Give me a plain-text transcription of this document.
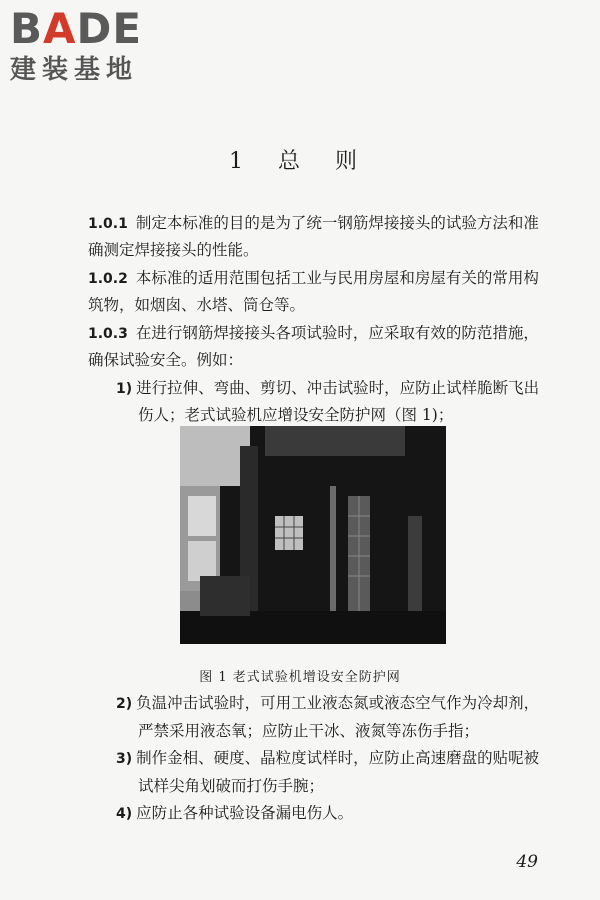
BADE
建装基地
1 总 则

1.0.1 制定本标准的目的是为了统一钢筋焊接接头的试验方法和准确测定焊接接头的性能。

1.0.2 本标准的适用范围包括工业与民用房屋和房屋有关的常用构筑物，如烟囱、水塔、筒仓等。

1.0.3 在进行钢筋焊接接头各项试验时，应采取有效的防范措施，确保试验安全。例如：

1) 进行拉伸、弯曲、剪切、冲击试验时，应防止试样脆断飞出伤人；老式试验机应增设安全防护网（图 1)；

图 1 老式试验机增设安全防护网

2) 负温冲击试验时，可用工业液态氮或液态空气作为冷却剂，严禁采用液态氧；应防止干冰、液氮等冻伤手指；

3) 制作金相、硬度、晶粒度试样时，应防止高速磨盘的贴呢被试样尖角划破而打伤手腕；

4) 应防止各种试验设备漏电伤人。

49
